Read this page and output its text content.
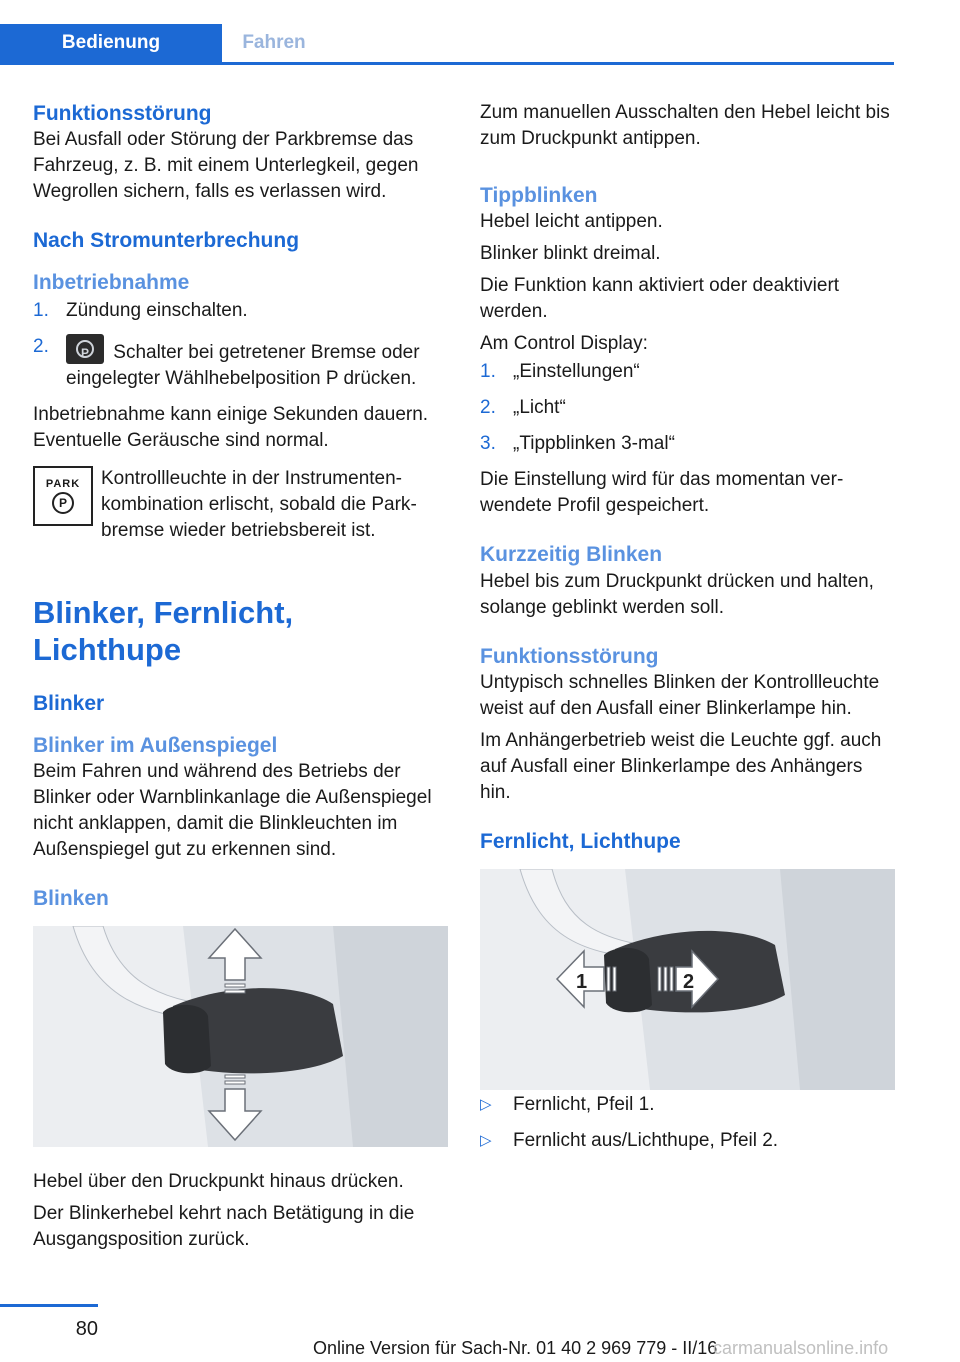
Bedienung	Fahren
Funktionsstörung

Bei Ausfall oder Störung der Parkbremse das Fahrzeug, z. B. mit einem Unterlegkeil, gegen Wegrollen sichern, falls es verlassen wird.

Nach Stromunterbrechung
Inbetriebnahme
1. Zündung einschalten.
2.	P Schalter bei getretener Bremse oder eingelegter Wählhebelposition P drücken.

Inbetriebnahme kann einige Sekunden dauern. Eventuelle Geräusche sind normal.

PARK
P

Kontrollleuchte in der Instrumentenkombination erlischt, sobald die Parkbremse wieder betriebsbereit ist.

Blinker, Fernlicht, Lichthupe
Blinker
Blinker im Außenspiegel

Beim Fahren und während des Betriebs der Blinker oder Warnblinkanlage die Außenspiegel nicht anklappen, damit die Blinkleuchten im Außenspiegel gut zu erkennen sind.

Blinken

Hebel über den Druckpunkt hinaus drücken.

Der Blinkerhebel kehrt nach Betätigung in die Ausgangsposition zurück.

Zum manuellen Ausschalten den Hebel leicht bis zum Druckpunkt antippen.

Tippblinken

Hebel leicht antippen.

Blinker blinkt dreimal.

Die Funktion kann aktiviert oder deaktiviert werden.

Am Control Display:

1. „Einstellungen“
2. „Licht“
3. „Tippblinken 3-mal“

Die Einstellung wird für das momentan verwendete Profil gespeichert.

Kurzzeitig Blinken

Hebel bis zum Druckpunkt drücken und halten, solange geblinkt werden soll.

Funktionsstörung

Untypisch schnelles Blinken der Kontrollleuchte weist auf den Ausfall einer Blinkerlampe hin.

Im Anhängerbetrieb weist die Leuchte ggf. auch auf Ausfall einer Blinkerlampe des Anhängers hin.

Fernlicht, Lichthupe
1	2
▷ Fernlicht, Pfeil 1.
▷ Fernlicht aus/Lichthupe, Pfeil 2.
80
Online Version für Sach-Nr. 01 40 2 969 779 - II/16
carmanualsonline.info
